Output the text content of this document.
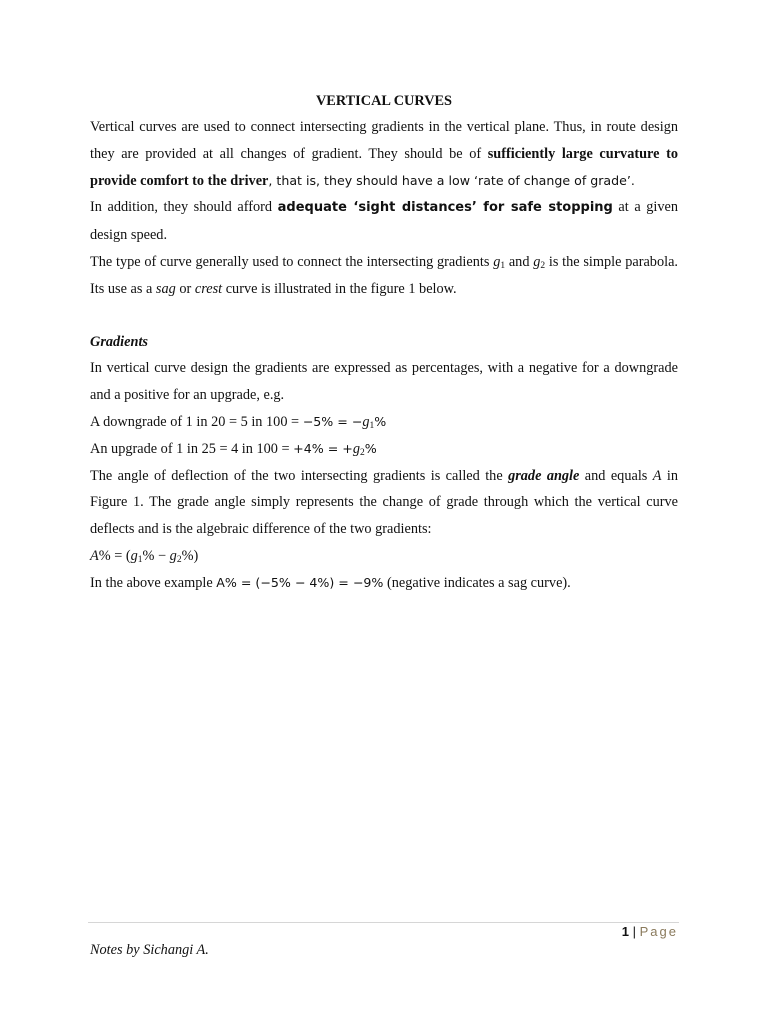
VERTICAL CURVES

Vertical curves are used to connect intersecting gradients in the vertical plane. Thus, in route design they are provided at all changes of gradient. They should be of sufficiently large curvature to provide comfort to the driver, that is, they should have a low ‘rate of change of grade’.

In addition, they should afford adequate ‘sight distances’ for safe stopping at a given design speed.

The type of curve generally used to connect the intersecting gradients $g_1$ and $g_2$ is the simple parabola. Its use as a sag or crest curve is illustrated in the figure 1 below.

Gradients

In vertical curve design the gradients are expressed as percentages, with a negative for a downgrade and a positive for an upgrade, e.g.

A downgrade of 1 in 20 = 5 in $100 = -5\% = -g_1\%$

An upgrade of 1 in 25 = 4 in $100 = +4\% = +g_2\%$

The angle of deflection of the two intersecting gradients is called the grade angle and equals A in Figure 1. The grade angle simply represents the change of grade through which the vertical curve deflects and is the algebraic difference of the two gradients:

$A\% = (g_1\% - g_2\%)$

In the above example A% = (−5% − 4%) = −9% (negative indicates a sag curve).

1 | Page
Notes by Sichangi A.
